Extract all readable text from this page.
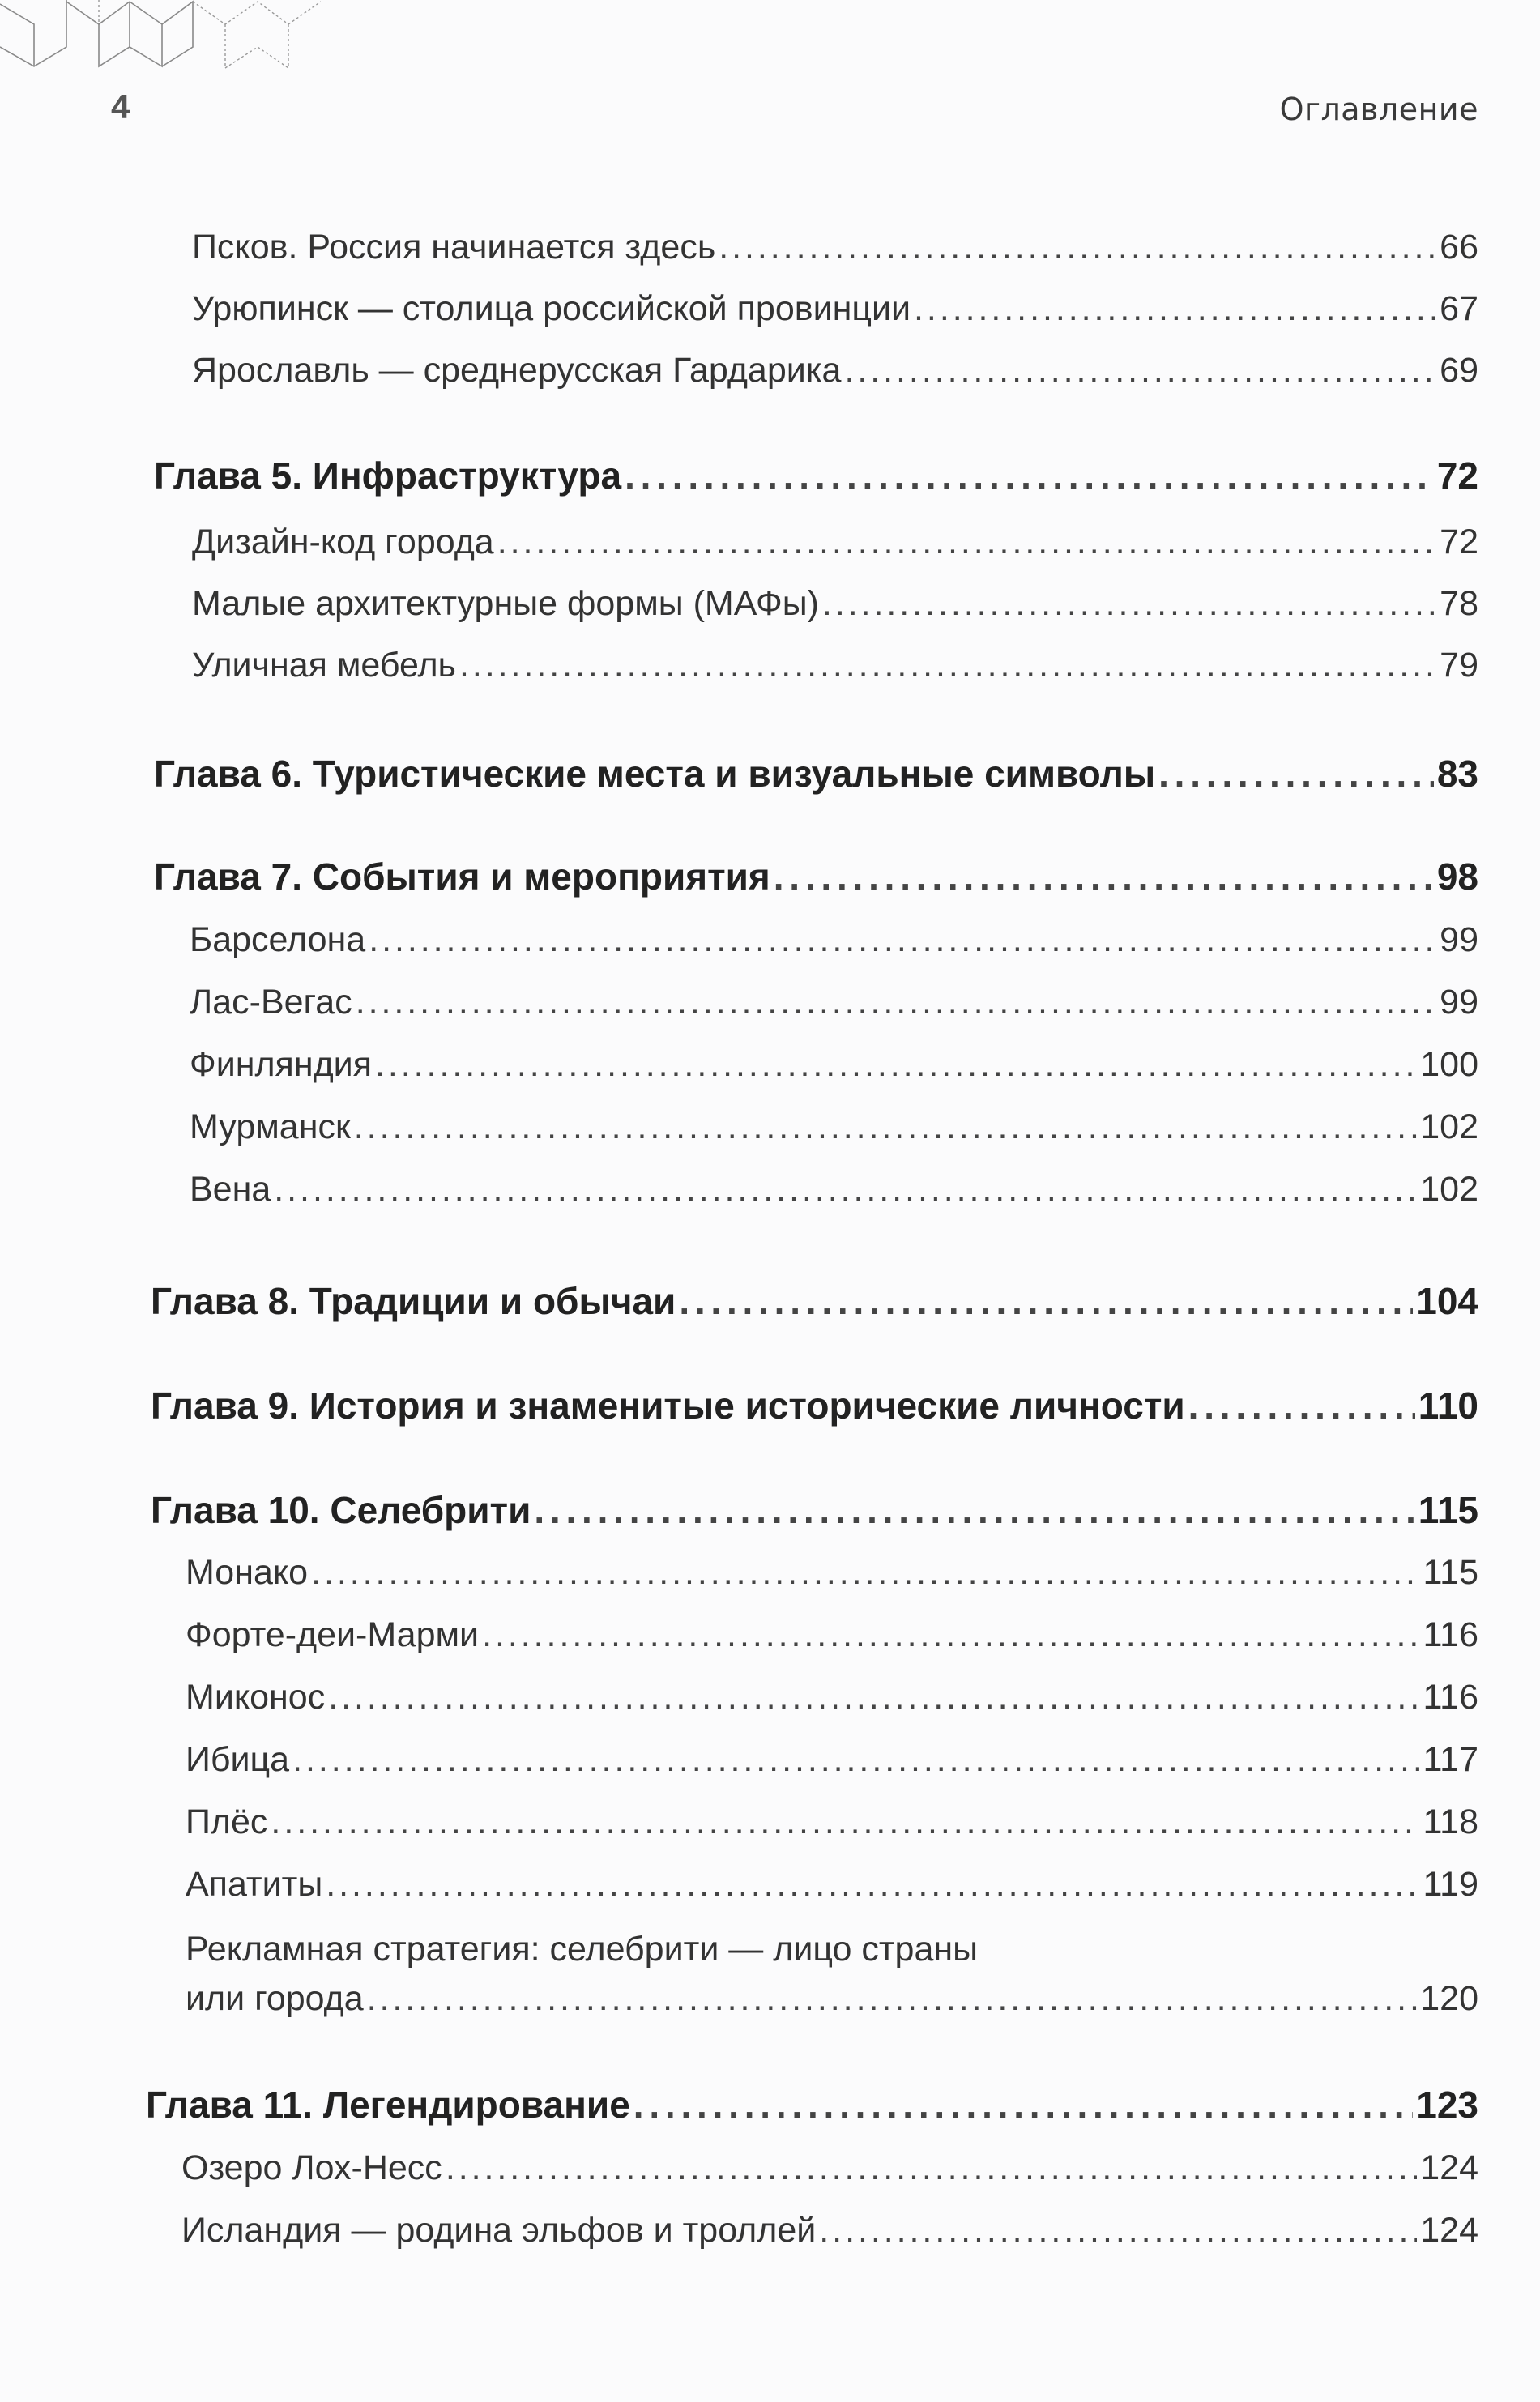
4	Оглавление
Псков. Россия начинается здесь . . .	66
Урюпинск — столица российской провинции . . .	67
Ярославль — среднерусская Гардарика . . .	69
Глава 5. Инфраструктура . . .	72
Дизайн-код города . . .	72
Малые архитектурные формы (МАФы) . . .	78
Уличная мебель . . .	79
Глава 6. Туристические места и визуальные символы . . .	83
Глава 7. События и мероприятия . . .	98
Барселона . . .	99
Лас-Вегас . . .	99
Финляндия . . .	100
Мурманск . . .	102
Вена . . .	102
Глава 8. Традиции и обычаи . . .	104
Глава 9. История и знаменитые исторические личности . . .	110
Глава 10. Селебрити . . .	115
Монако . . .	115
Форте-деи-Марми . . .	116
Миконос . . .	116
Ибица . . .	117
Плёс . . .	118
Апатиты . . .	119
Рекламная стратегия: селебрити — лицо страны
или города . . .	120
Глава 11. Легендирование . . .	123
Озеро Лох-Несс . . .	124
Исландия — родина эльфов и троллей . . .	124
